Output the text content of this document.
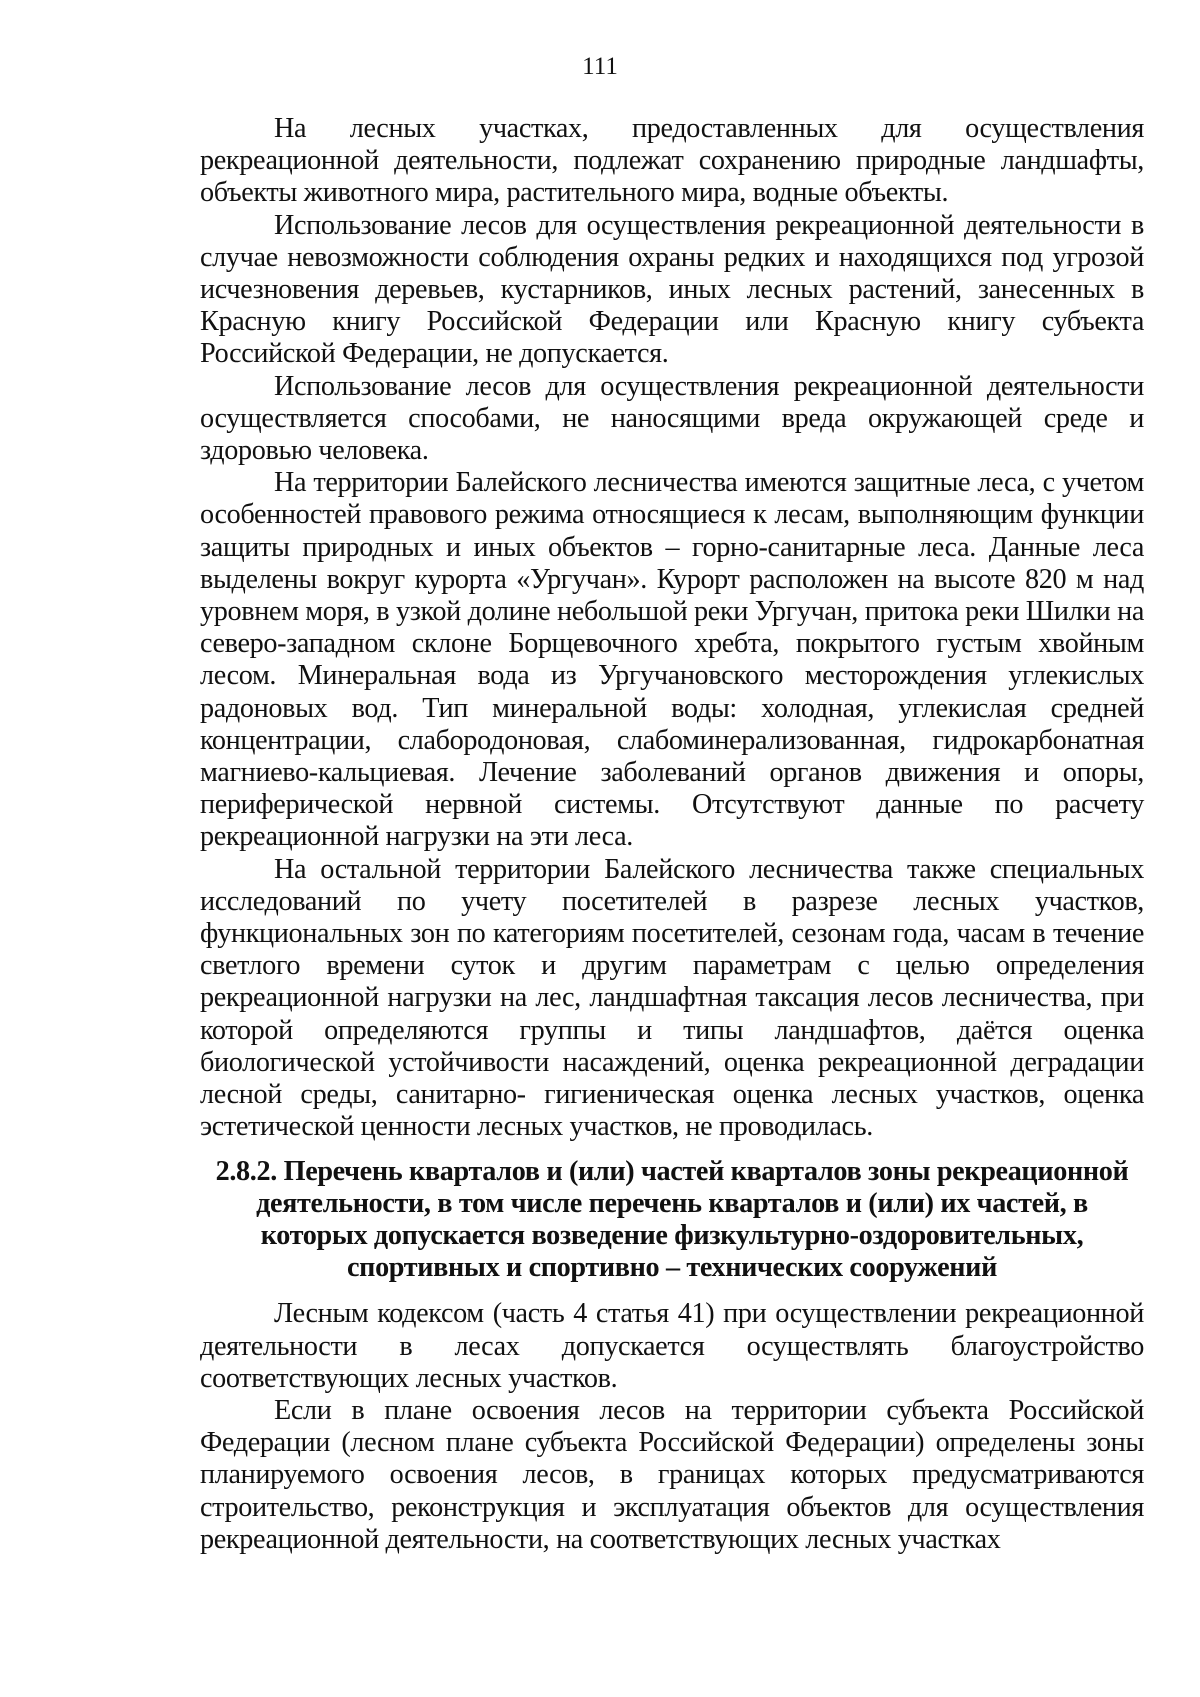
111

На лесных участках, предоставленных для осуществления рекреационной деятельности, подлежат сохранению природные ландшафты, объекты животного мира, растительного мира, водные объекты.

Использование лесов для осуществления рекреационной деятельности в случае невозможности соблюдения охраны редких и находящихся под угрозой исчезновения деревьев, кустарников, иных лесных растений, занесенных в Красную книгу Российской Федерации или Красную книгу субъекта Российской Федерации, не допускается.

Использование лесов для осуществления рекреационной деятельности осуществляется способами, не наносящими вреда окружающей среде и здоровью человека.

На территории Балейского лесничества имеются защитные леса, с учетом особенностей правового режима относящиеся к лесам, выполняющим функции защиты природных и иных объектов – горно-санитарные леса. Данные леса выделены вокруг курорта «Ургучан». Курорт расположен на высоте 820 м над уровнем моря, в узкой долине небольшой реки Ургучан, притока реки Шилки на северо-западном склоне Борщевочного хребта, покрытого густым хвойным лесом. Минеральная вода из Ургучановского месторождения углекислых радоновых вод. Тип минеральной воды: холодная, углекислая средней концентрации, слабородоновая, слабоминерализованная, гидрокарбонатная магниево-кальциевая. Лечение заболеваний органов движения и опоры, периферической нервной системы. Отсутствуют данные по расчету рекреационной нагрузки на эти леса.

На остальной территории Балейского лесничества также специальных исследований по учету посетителей в разрезе лесных участков, функциональных зон по категориям посетителей, сезонам года, часам в течение светлого времени суток и другим параметрам с целью определения рекреационной нагрузки на лес, ландшафтная таксация лесов лесничества, при которой определяются группы и типы ландшафтов, даётся оценка биологической устойчивости насаждений, оценка рекреационной деградации лесной среды, санитарно- гигиеническая оценка лесных участков, оценка эстетической ценности лесных участков, не проводилась.

2.8.2. Перечень кварталов и (или) частей кварталов зоны рекреационной деятельности, в том числе перечень кварталов и (или) их частей, в которых допускается возведение физкультурно-оздоровительных, спортивных и спортивно – технических сооружений

Лесным кодексом (часть 4 статья 41) при осуществлении рекреационной деятельности в лесах допускается осуществлять благоустройство соответствующих лесных участков.

Если в плане освоения лесов на территории субъекта Российской Федерации (лесном плане субъекта Российской Федерации) определены зоны планируемого освоения лесов, в границах которых предусматриваются строительство, реконструкция и эксплуатация объектов для осуществления рекреационной деятельности, на соответствующих лесных участках
